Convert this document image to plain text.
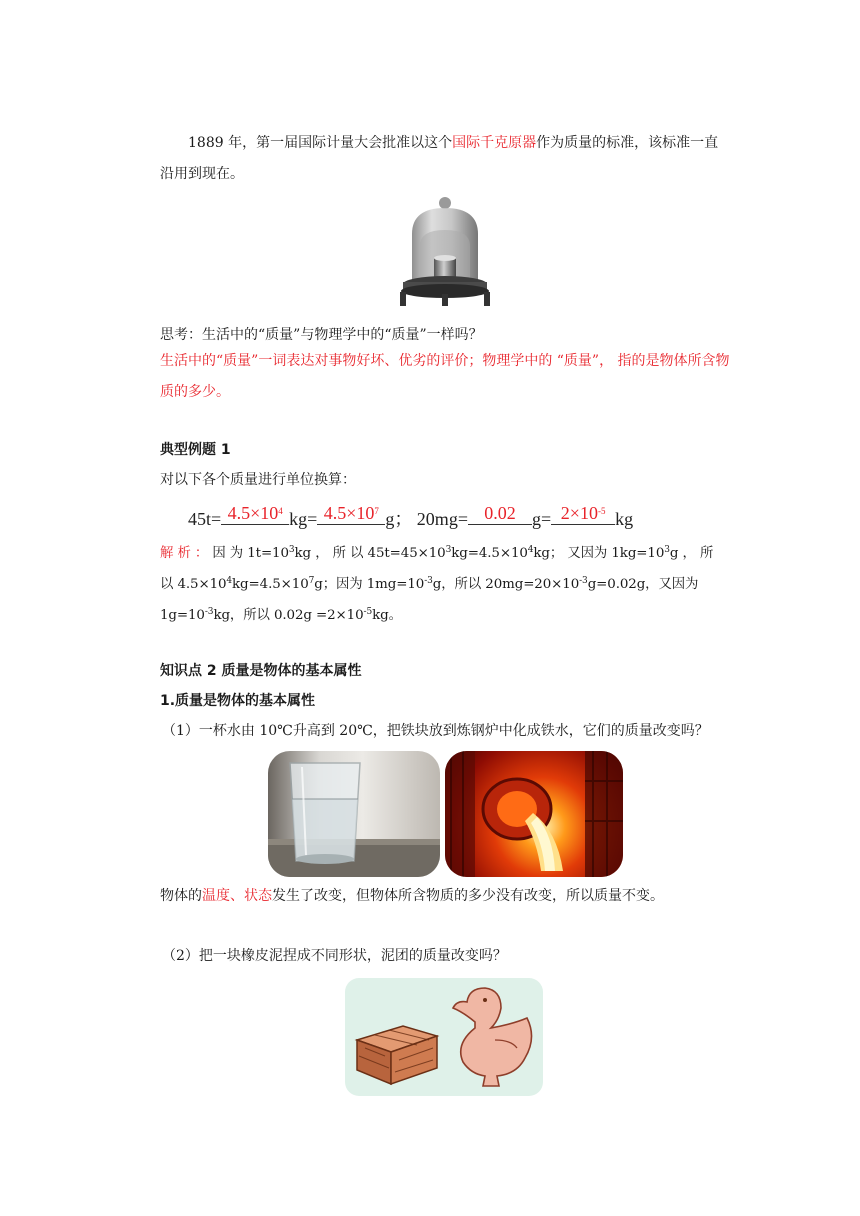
1889 年，第一届国际计量大会批准以这个国际千克原器作为质量的标准，该标准一直沿用到现在。

思考：生活中的“质量”与物理学中的“质量”一样吗？

生活中的“质量”一词表达对事物好坏、优劣的评价；物理学中的 “质量”， 指的是物体所含物质的多少。

典型例题 1

对以下各个质量进行单位换算：

$45t= 4.5\times 10^4$ $kg= 4.5\times 10^7$ g； 20mg= 0.02 $g= 2\times 10^{-5}$ kg

解 析 ： 因 为 $1t=10^3kg$ ， 所 以 $45t=45\times 10^3kg=4.5\times 10^4kg$； 又因为 $1kg=10^3g$ ， 所 以 $4.5\times 10^4kg=4.5\times 10^7g$；因为 $1mg=10^{-3}g$，所以 $20mg=20\times 10^{-3}g=0.02g$，又因为 $1g=10^{-3}kg$，所以 $0.02g =2\times 10^{-5}kg$。

知识点 2 质量是物体的基本属性

1.质量是物体的基本属性

（1）一杯水由 10℃升高到 20℃，把铁块放到炼钢炉中化成铁水，它们的质量改变吗？

物体的温度、状态发生了改变，但物体所含物质的多少没有改变，所以质量不变。

（2）把一块橡皮泥捏成不同形状，泥团的质量改变吗？
